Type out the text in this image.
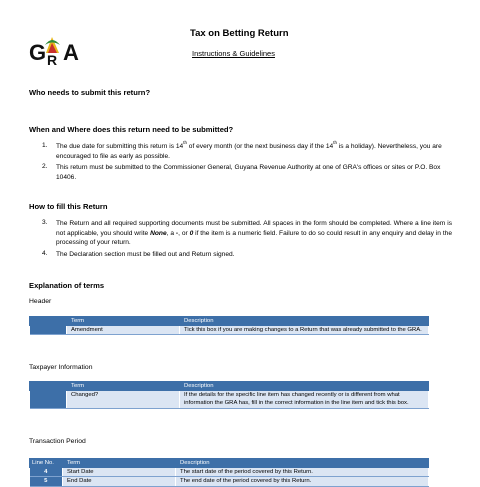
G A
R
Tax on Betting Return
Instructions & Guidelines
Who needs to submit this return?
When and Where does this return need to be submitted?
1. The due date for submitting this return is 14th of every month (or the next business day if the 14th is a holiday). Nevertheless, you are encouraged to file as early as possible.
2. This return must be submitted to the Commissioner General, Guyana Revenue Authority at one of GRA's offices or sites or P.O. Box 10406.
How to fill this Return
3. The Return and all required supporting documents must be submitted. All spaces in the form should be completed. Where a line item is not applicable, you should write None, a -, or 0 if the item is a numeric field. Failure to do so could result in any enquiry and delay in the processing of your return.
4. The Declaration section must be filled out and Return signed.
Explanation of terms
Header
	Term	Description
	Amendment	Tick this box if you are making changes to a Return that was already submitted to the GRA.
Taxpayer Information
	Term	Description
	Changed?	If the details for the specific line item has changed recently or is different from what information the GRA has, fill in the correct information in the line item and tick this box.
Transaction Period
Line No.	Term	Description
4	Start Date	The start date of the period covered by this Return.
5	End Date	The end date of the period covered by this Return.
